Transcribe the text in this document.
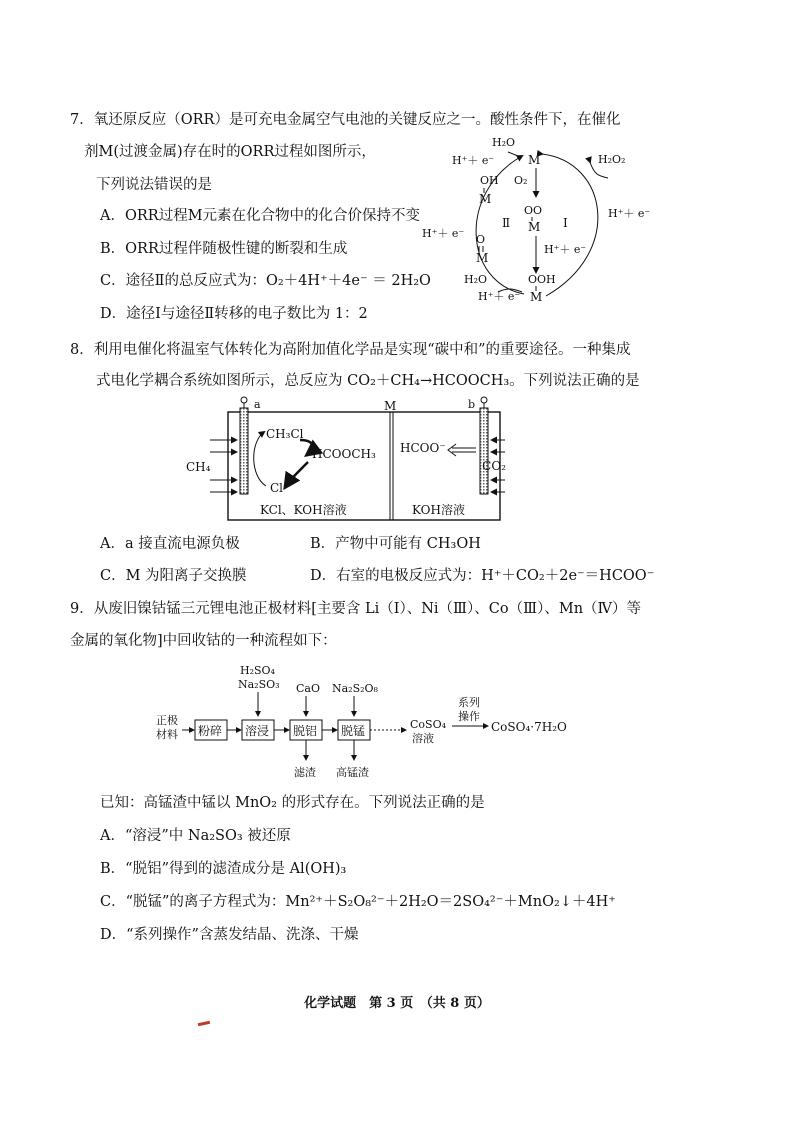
7．氧还原反应（ORR）是可充电金属空气电池的关键反应之一。酸性条件下，在催化
剂M(过渡金属)存在时的ORR过程如图所示，
下列说法错误的是
A．ORR过程M元素在化合物中的化合价保持不变
B．ORR过程伴随极性键的断裂和生成
C．途径Ⅱ的总反应式为：O₂＋4H⁺＋4e⁻ ＝ 2H₂O
D．途径Ⅰ与途径Ⅱ转移的电子数比为 1：2
H₂O
M
H⁺＋ e⁻	H₂O₂
OH
M
O₂
OO
M
Ⅱ	Ⅰ
H⁺＋ e⁻
H⁺＋ e⁻ O
M
H⁺＋ e⁻
H₂O	OOH
M
H⁺＋ e⁻
8．利用电催化将温室气体转化为高附加值化学品是实现“碳中和”的重要途径。一种集成
式电化学耦合系统如图所示，总反应为 CO₂＋CH₄→HCOOCH₃。下列说法正确的是
a	b
M
CH₄
CH₃Cl
HCOOCH₃
Cl⁻
KCl、KOH溶液
HCOO⁻
CO₂
KOH溶液
A．a 接直流电源负极	B．产物中可能有 CH₃OH
C．M 为阳离子交换膜	D．右室的电极反应式为：H⁺＋CO₂＋2e⁻＝HCOO⁻
9．从废旧镍钴锰三元锂电池正极材料[主要含 Li（Ⅰ）、Ni（Ⅲ）、Co（Ⅲ）、Mn（Ⅳ）等
金属的氧化物]中回收钴的一种流程如下：
H₂SO₄
Na₂SO₃ CaO Na₂S₂O₈
系列
操作
正极
材料 粉碎 溶浸 脱铝 脱锰	CoSO₄
溶液
CoSO₄·7H₂O
滤渣 高锰渣
已知：高锰渣中锰以 MnO₂ 的形式存在。下列说法正确的是
A．“溶浸”中 Na₂SO₃ 被还原
B．“脱铝”得到的滤渣成分是 Al(OH)₃
C．“脱锰”的离子方程式为：Mn²⁺＋S₂O₈²⁻＋2H₂O＝2SO₄²⁻＋MnO₂↓＋4H⁺
D．“系列操作”含蒸发结晶、洗涤、干燥
化学试题　第 3 页　（共 8 页）
